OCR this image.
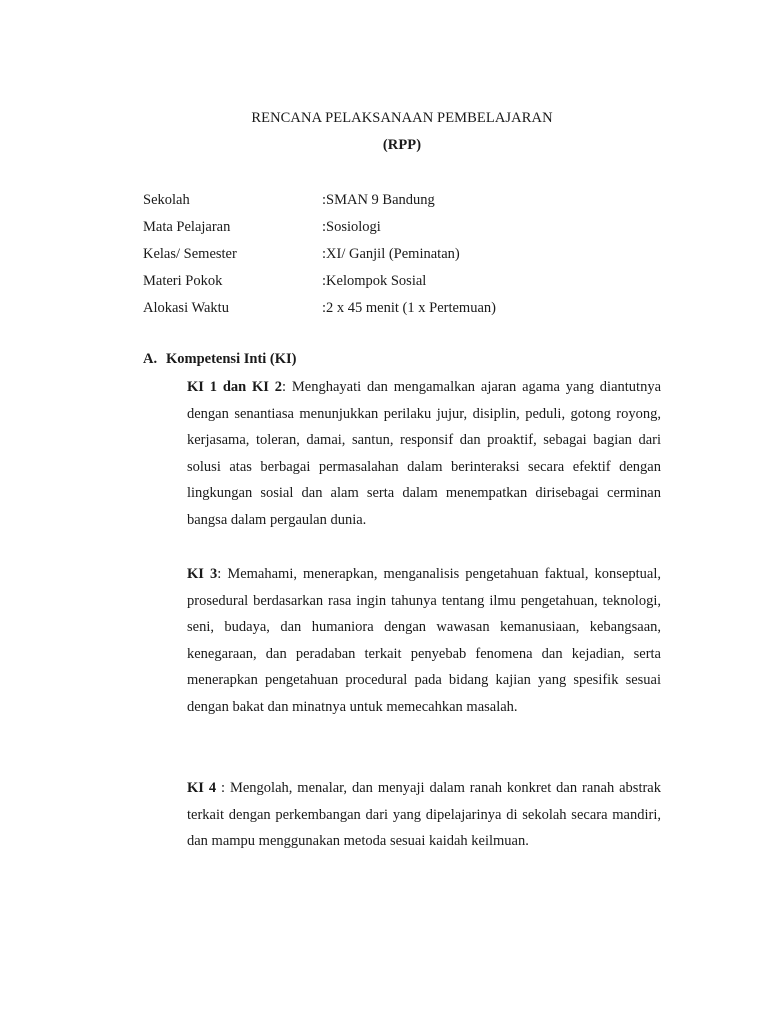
RENCANA PELAKSANAAN PEMBELAJARAN
(RPP)
Sekolah	: SMAN 9 Bandung
Mata Pelajaran	: Sosiologi
Kelas/ Semester	: XI/ Ganjil (Peminatan)
Materi Pokok	: Kelompok Sosial
Alokasi Waktu	: 2 x 45 menit (1 x Pertemuan)
A. Kompetensi Inti (KI)

KI 1 dan KI 2: Menghayati dan mengamalkan ajaran agama yang diantutnya dengan senantiasa menunjukkan perilaku jujur, disiplin, peduli, gotong royong, kerjasama, toleran, damai, santun, responsif dan proaktif, sebagai bagian dari solusi atas berbagai permasalahan dalam berinteraksi secara efektif dengan lingkungan sosial dan alam serta dalam menempatkan dirisebagai cerminan bangsa dalam pergaulan dunia.

KI 3: Memahami, menerapkan, menganalisis pengetahuan faktual, konseptual, prosedural berdasarkan rasa ingin tahunya tentang ilmu pengetahuan, teknologi, seni, budaya, dan humaniora dengan wawasan kemanusiaan, kebangsaan, kenegaraan, dan peradaban terkait penyebab fenomena dan kejadian, serta menerapkan pengetahuan procedural pada bidang kajian yang spesifik sesuai dengan bakat dan minatnya untuk memecahkan masalah.

KI 4 : Mengolah, menalar, dan menyaji dalam ranah konkret dan ranah abstrak terkait dengan perkembangan dari yang dipelajarinya di sekolah secara mandiri, dan mampu menggunakan metoda sesuai kaidah keilmuan.
